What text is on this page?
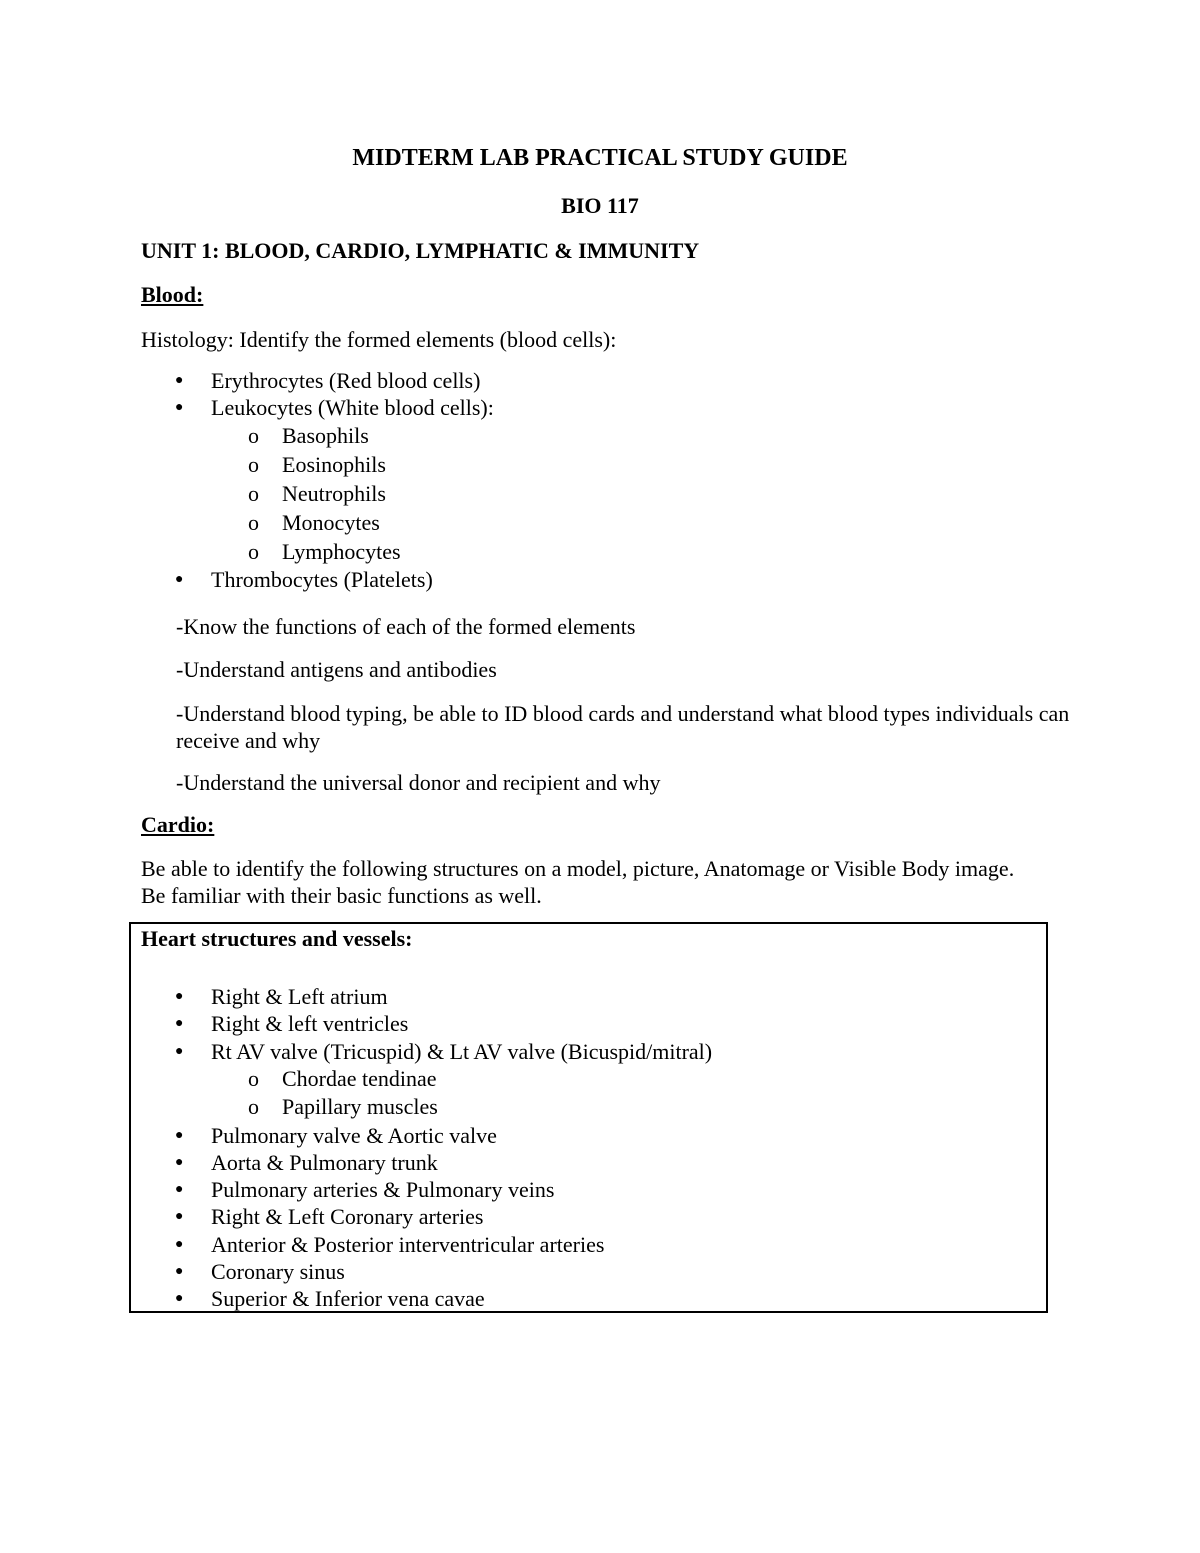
MIDTERM LAB PRACTICAL STUDY GUIDE
BIO 117
UNIT 1: BLOOD, CARDIO, LYMPHATIC & IMMUNITY
Blood:
Histology: Identify the formed elements (blood cells):
● Erythrocytes (Red blood cells)
● Leukocytes (White blood cells):
o Basophils
o Eosinophils
o Neutrophils
o Monocytes
o Lymphocytes
● Thrombocytes (Platelets)
-Know the functions of each of the formed elements
-Understand antigens and antibodies
-Understand blood typing, be able to ID blood cards and understand what blood types individuals can receive and why
-Understand the universal donor and recipient and why
Cardio:
Be able to identify the following structures on a model, picture, Anatomage or Visible Body image. Be familiar with their basic functions as well.
Heart structures and vessels:
● Right & Left atrium
● Right & left ventricles
● Rt AV valve (Tricuspid) & Lt AV valve (Bicuspid/mitral)
o Chordae tendinae
o Papillary muscles
● Pulmonary valve & Aortic valve
● Aorta & Pulmonary trunk
● Pulmonary arteries & Pulmonary veins
● Right & Left Coronary arteries
● Anterior & Posterior interventricular arteries
● Coronary sinus
● Superior & Inferior vena cavae
